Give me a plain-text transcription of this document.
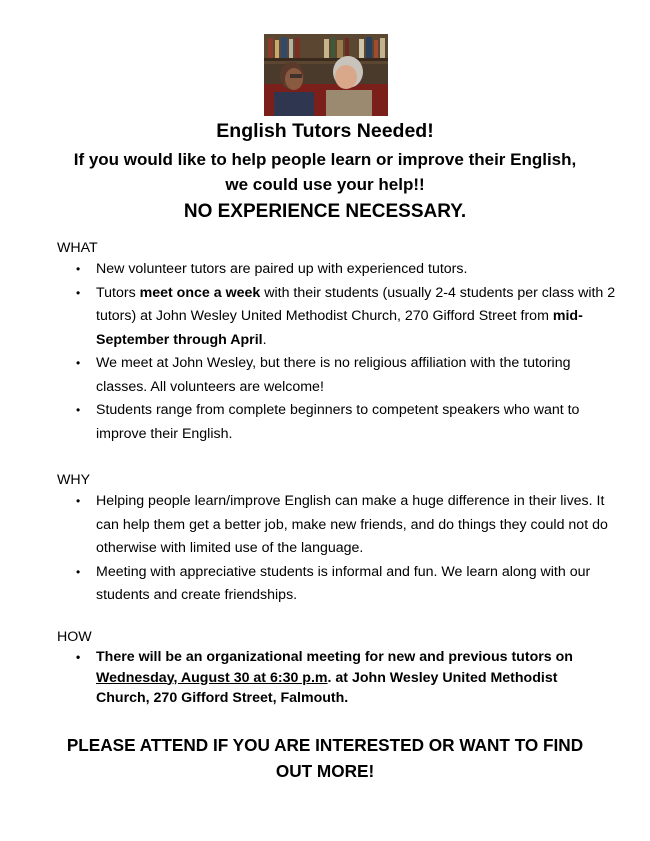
English Tutors Needed!
If you would like to help people learn or improve their English, we could use your help!!
NO EXPERIENCE NECESSARY.

WHAT

• New volunteer tutors are paired up with experienced tutors.
• Tutors meet once a week with their students (usually 2-4 students per class with 2 tutors) at John Wesley United Methodist Church, 270 Gifford Street from mid-September through April.
• We meet at John Wesley, but there is no religious affiliation with the tutoring classes. All volunteers are welcome!
• Students range from complete beginners to competent speakers who want to improve their English.

WHY

• Helping people learn/improve English can make a huge difference in their lives. It can help them get a better job, make new friends, and do things they could not do otherwise with limited use of the language.
• Meeting with appreciative students is informal and fun. We learn along with our students and create friendships.

HOW

• There will be an organizational meeting for new and previous tutors on Wednesday, August 30 at 6:30 p.m. at John Wesley United Methodist Church, 270 Gifford Street, Falmouth.
PLEASE ATTEND IF YOU ARE INTERESTED OR WANT TO FIND OUT MORE!
